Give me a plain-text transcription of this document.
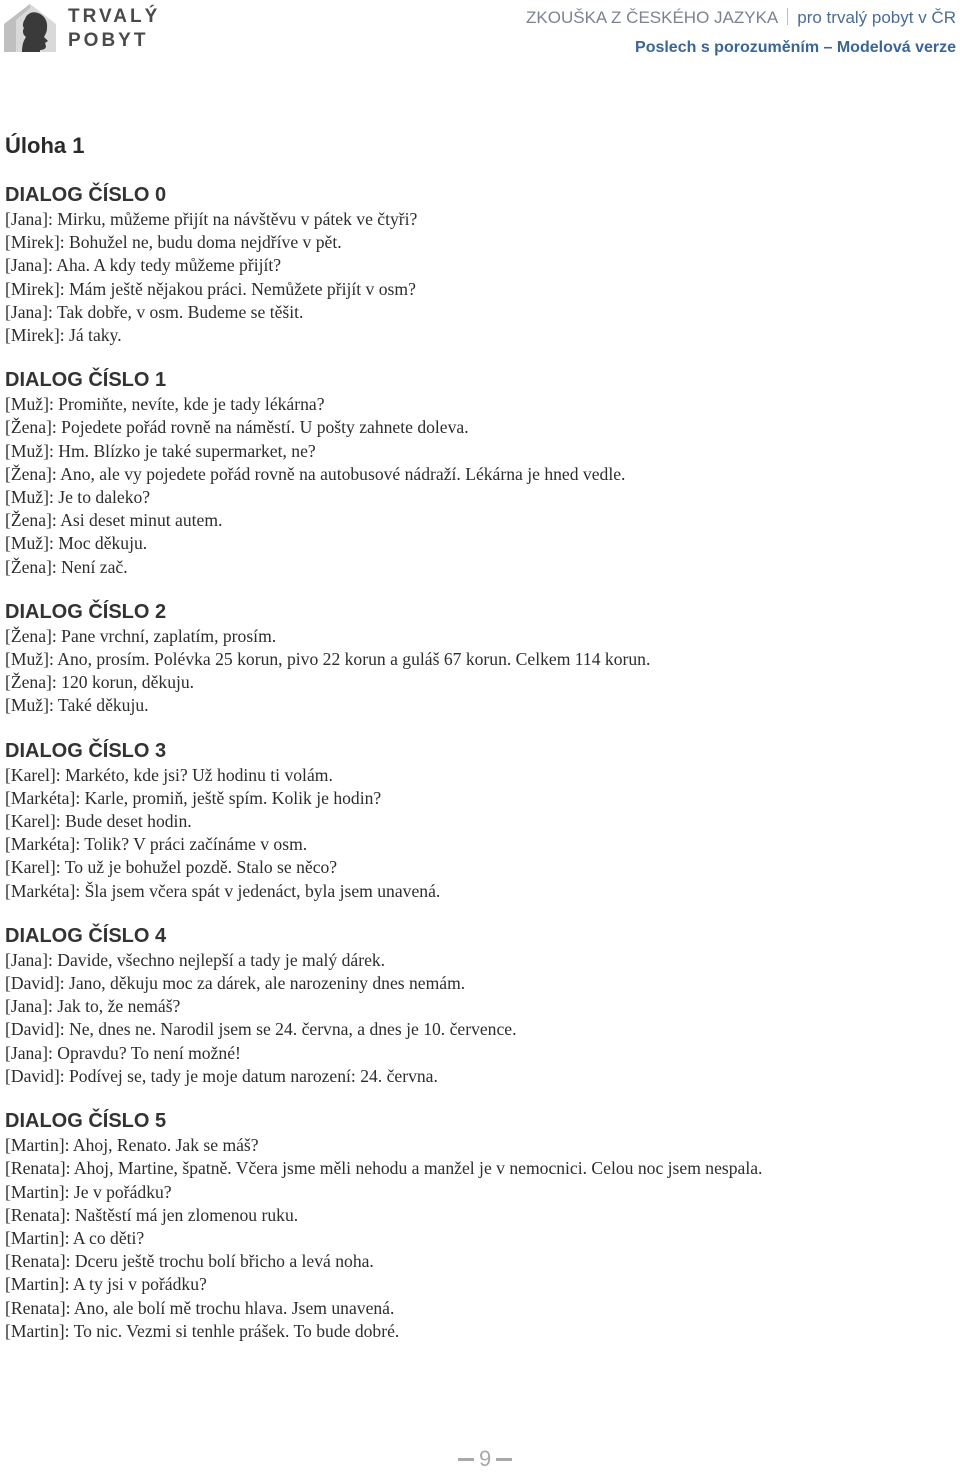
TRVALÝ
POBYT
ZKOUŠKA Z ČESKÉHO JAZYKA pro trvalý pobyt v ČR
Poslech s porozuměním – Modelová verze
Úloha 1
DIALOG ČÍSLO 0
[Jana]: Mirku, můžeme přijít na návštěvu v pátek ve čtyři?
[Mirek]: Bohužel ne, budu doma nejdříve v pět.
[Jana]: Aha. A kdy tedy můžeme přijít?
[Mirek]: Mám ještě nějakou práci. Nemůžete přijít v osm?
[Jana]: Tak dobře, v osm. Budeme se těšit.
[Mirek]: Já taky.
DIALOG ČÍSLO 1
[Muž]: Promiňte, nevíte, kde je tady lékárna?
[Žena]: Pojedete pořád rovně na náměstí. U pošty zahnete doleva.
[Muž]: Hm. Blízko je také supermarket, ne?
[Žena]: Ano, ale vy pojedete pořád rovně na autobusové nádraží. Lékárna je hned vedle.
[Muž]: Je to daleko?
[Žena]: Asi deset minut autem.
[Muž]: Moc děkuju.
[Žena]: Není zač.
DIALOG ČÍSLO 2
[Žena]: Pane vrchní, zaplatím, prosím.
[Muž]: Ano, prosím. Polévka 25 korun, pivo 22 korun a guláš 67 korun. Celkem 114 korun.
[Žena]: 120 korun, děkuju.
[Muž]: Také děkuju.
DIALOG ČÍSLO 3
[Karel]: Markéto, kde jsi? Už hodinu ti volám.
[Markéta]: Karle, promiň, ještě spím. Kolik je hodin?
[Karel]: Bude deset hodin.
[Markéta]: Tolik? V práci začínáme v osm.
[Karel]: To už je bohužel pozdě. Stalo se něco?
[Markéta]: Šla jsem včera spát v jedenáct, byla jsem unavená.
DIALOG ČÍSLO 4
[Jana]: Davide, všechno nejlepší a tady je malý dárek.
[David]: Jano, děkuju moc za dárek, ale narozeniny dnes nemám.
[Jana]: Jak to, že nemáš?
[David]: Ne, dnes ne. Narodil jsem se 24. června, a dnes je 10. července.
[Jana]: Opravdu? To není možné!
[David]: Podívej se, tady je moje datum narození: 24. června.
DIALOG ČÍSLO 5
[Martin]: Ahoj, Renato. Jak se máš?
[Renata]: Ahoj, Martine, špatně. Včera jsme měli nehodu a manžel je v nemocnici. Celou noc jsem nespala.
[Martin]: Je v pořádku?
[Renata]: Naštěstí má jen zlomenou ruku.
[Martin]: A co děti?
[Renata]: Dceru ještě trochu bolí břicho a levá noha.
[Martin]: A ty jsi v pořádku?
[Renata]: Ano, ale bolí mě trochu hlava. Jsem unavená.
[Martin]: To nic. Vezmi si tenhle prášek. To bude dobré.
9
